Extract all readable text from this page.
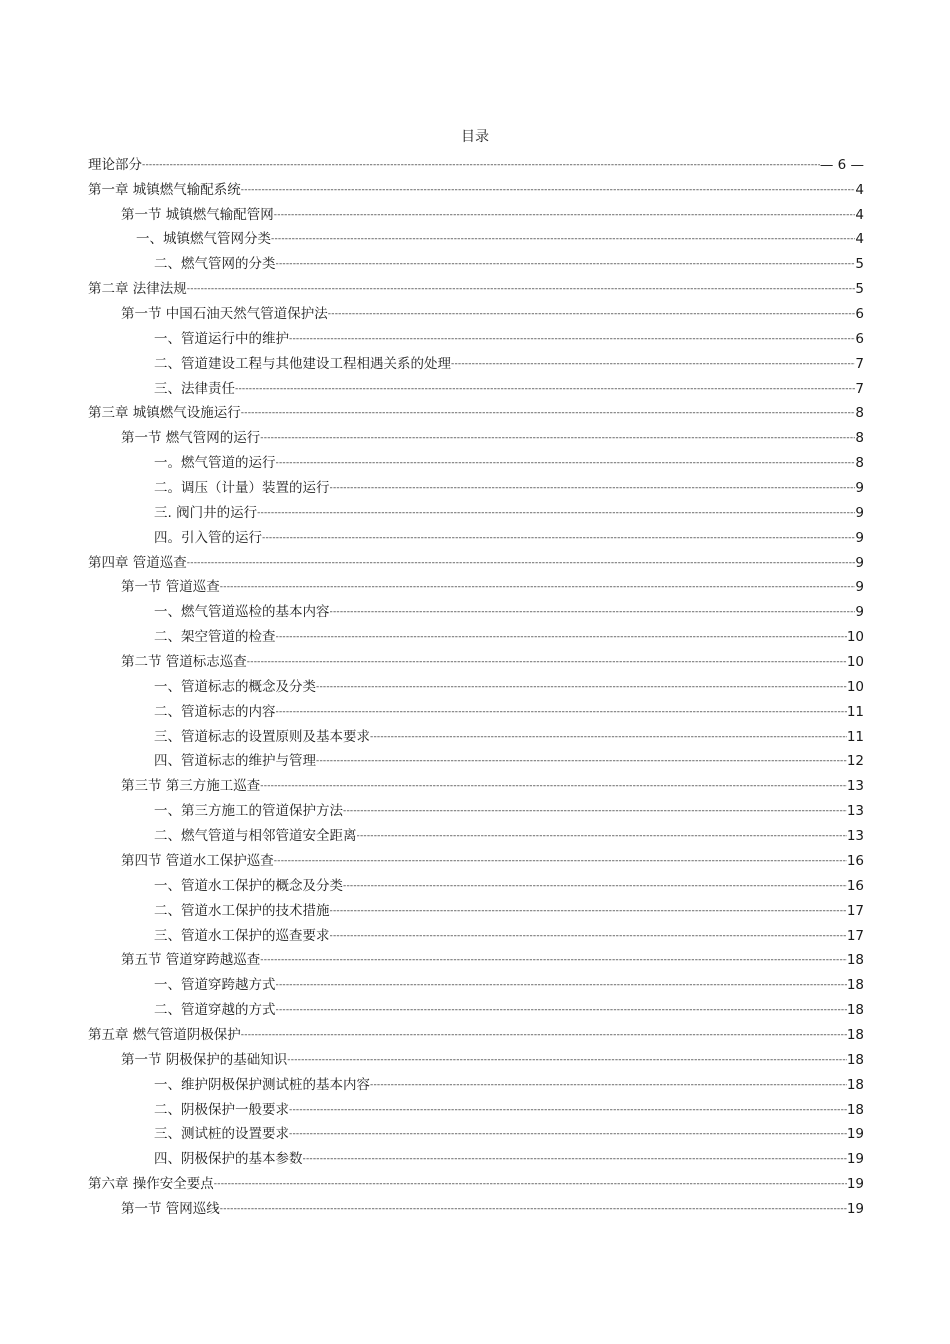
目录
理论部分 -----	— 6 —
第一章 城镇燃气输配系统 -----	4
第一节 城镇燃气输配管网 -----	4
一、城镇燃气管网分类 -----	4
二、燃气管网的分类 -----	5
第二章 法律法规 -----	5
第一节 中国石油天然气管道保护法 -----	6
一、管道运行中的维护 -----	6
二、管道建设工程与其他建设工程相遇关系的处理 -----	7
三、法律责任 -----	7
第三章 城镇燃气设施运行 -----	8
第一节 燃气管网的运行 -----	8
一。燃气管道的运行 -----	8
二。调压（计量）装置的运行 -----	9
三. 阀门井的运行 -----	9
四。引入管的运行 -----	9
第四章 管道巡查 -----	9
第一节 管道巡查 -----	9
一、燃气管道巡检的基本内容 -----	9
二、架空管道的检查 -----	10
第二节 管道标志巡查 -----	10
一、管道标志的概念及分类 -----	10
二、管道标志的内容 -----	11
三、管道标志的设置原则及基本要求 -----	11
四、管道标志的维护与管理 -----	12
第三节 第三方施工巡查 -----	13
一、第三方施工的管道保护方法 -----	13
二、燃气管道与相邻管道安全距离 -----	13
第四节 管道水工保护巡查 -----	16
一、管道水工保护的概念及分类 -----	16
二、管道水工保护的技术措施 -----	17
三、管道水工保护的巡查要求 -----	17
第五节 管道穿跨越巡查 -----	18
一、管道穿跨越方式 -----	18
二、管道穿越的方式 -----	18
第五章 燃气管道阴极保护 -----	18
第一节 阴极保护的基础知识 -----	18
一、维护阴极保护测试桩的基本内容 -----	18
二、阴极保护一般要求 -----	18
三、测试桩的设置要求 -----	19
四、阴极保护的基本参数 -----	19
第六章 操作安全要点 -----	19
第一节 管网巡线 -----	19
